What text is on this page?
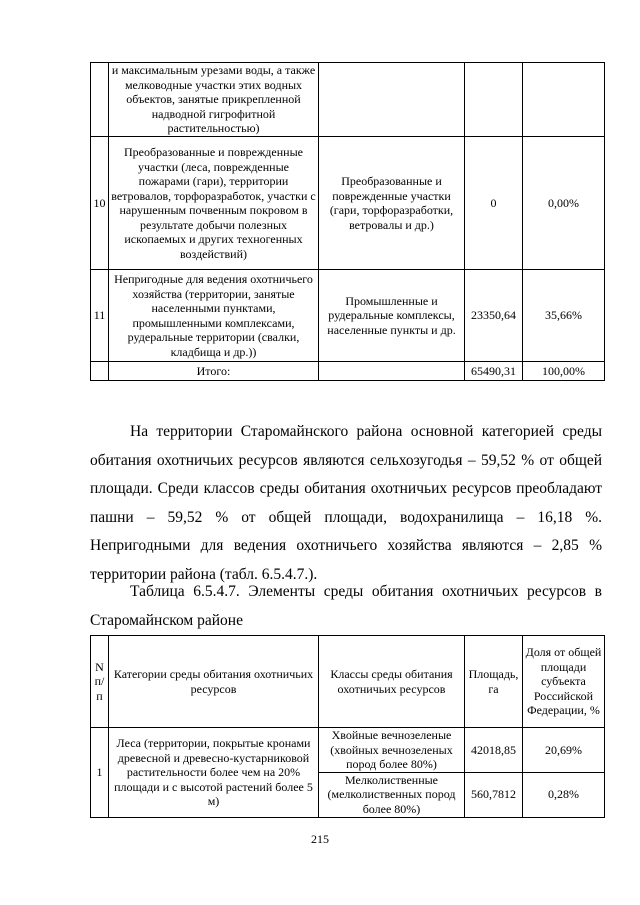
	и максимальным урезами воды, а также мелководные участки этих водных объектов, занятые прикрепленной надводной гигрофитной растительностью)			
10	Преобразованные и поврежденные участки (леса, поврежденные пожарами (гари), территории ветровалов, торфоразработок, участки с нарушенным почвенным покровом в результате добычи полезных ископаемых и других техногенных воздействий)	Преобразованные и поврежденные участки (гари, торфоразработки, ветровалы и др.)	0	0,00%
11	Непригодные для ведения охотничьего хозяйства (территории, занятые населенными пунктами, промышленными комплексами, рудеральные территории (свалки, кладбища и др.))	Промышленные и рудеральные комплексы, населенные пункты и др.	23350,64	35,66%
	Итого:		65490,31	100,00%

На территории Старомайнского района основной категорией среды обитания охотничьих ресурсов являются сельхозугодья – 59,52 % от общей площади. Среди классов среды обитания охотничьих ресурсов преобладают пашни – 59,52 % от общей площади, водохранилища – 16,18 %. Непригодными для ведения охотничьего хозяйства являются – 2,85 % территории района (табл. 6.5.4.7.).

Таблица 6.5.4.7. Элементы среды обитания охотничьих ресурсов в Старомайнском районе

N п/п	Категории среды обитания охотничьих ресурсов	Классы среды обитания охотничьих ресурсов	Площадь, га	Доля от общей площади субъекта Российской Федерации, %
1	Леса (территории, покрытые кронами древесной и древесно-кустарниковой растительности более чем на 20% площади и с высотой растений более 5 м)	Хвойные вечнозеленые (хвойных вечнозеленых пород более 80%)	42018,85	20,69%
		Мелколиственные (мелколиственных пород более 80%)	560,7812	0,28%
215
